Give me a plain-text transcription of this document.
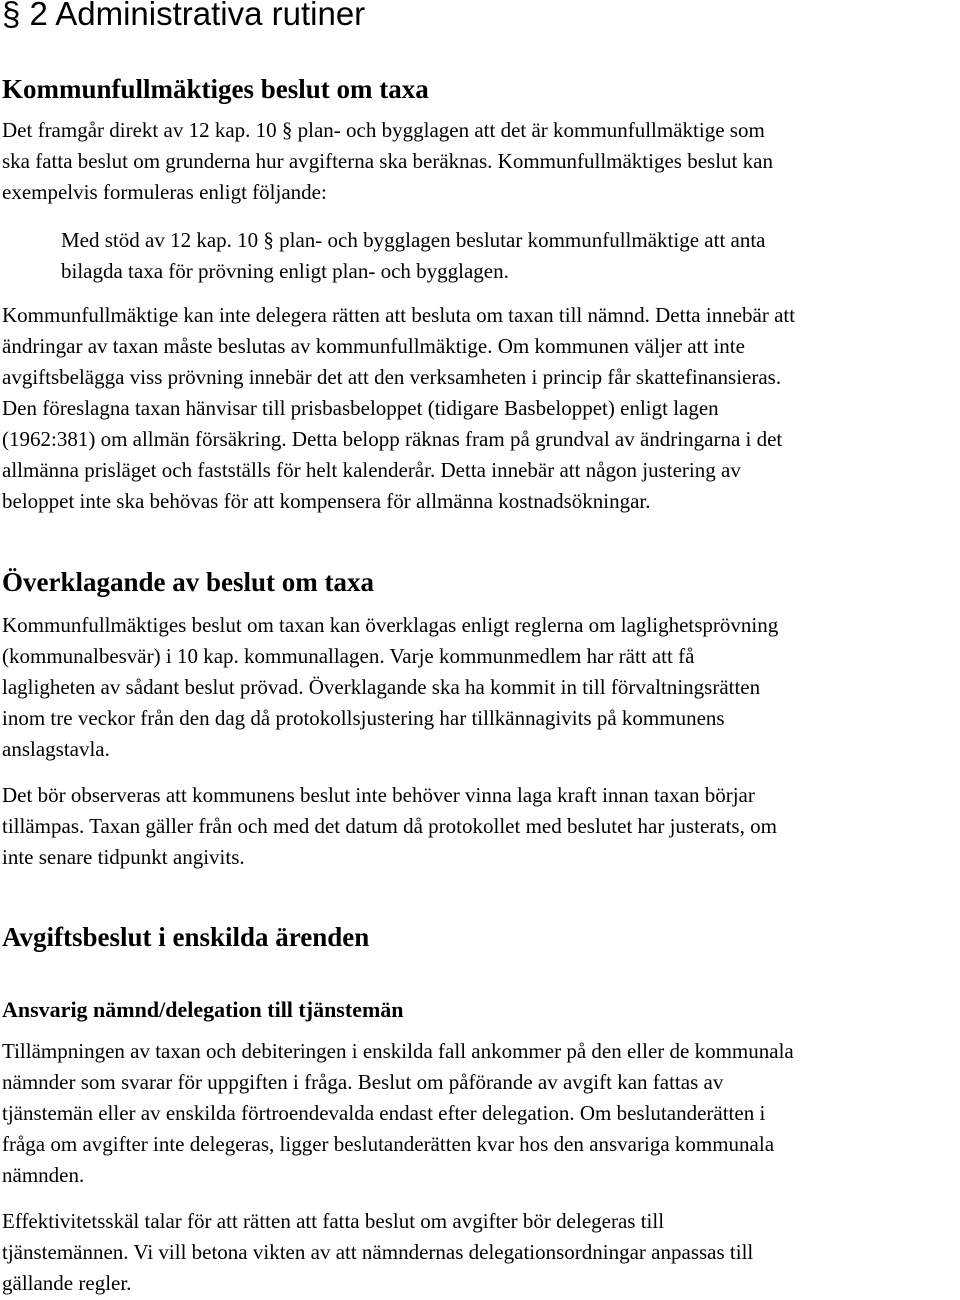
§ 2 Administrativa rutiner
Kommunfullmäktiges beslut om taxa

Det framgår direkt av 12 kap. 10 § plan- och bygglagen att det är kommunfullmäktige som
ska fatta beslut om grunderna hur avgifterna ska beräknas. Kommunfullmäktiges beslut kan
exempelvis formuleras enligt följande:

Med stöd av 12 kap. 10 § plan- och bygglagen beslutar kommunfullmäktige att anta
bilagda taxa för prövning enligt plan- och bygglagen.

Kommunfullmäktige kan inte delegera rätten att besluta om taxan till nämnd. Detta innebär att
ändringar av taxan måste beslutas av kommunfullmäktige. Om kommunen väljer att inte
avgiftsbelägga viss prövning innebär det att den verksamheten i princip får skattefinansieras.
Den föreslagna taxan hänvisar till prisbasbeloppet (tidigare Basbeloppet) enligt lagen
(1962:381) om allmän försäkring. Detta belopp räknas fram på grundval av ändringarna i det
allmänna prisläget och fastställs för helt kalenderår. Detta innebär att någon justering av
beloppet inte ska behövas för att kompensera för allmänna kostnadsökningar.

Överklagande av beslut om taxa

Kommunfullmäktiges beslut om taxan kan överklagas enligt reglerna om laglighetsprövning
(kommunalbesvär) i 10 kap. kommunallagen. Varje kommunmedlem har rätt att få
lagligheten av sådant beslut prövad. Överklagande ska ha kommit in till förvaltningsrätten
inom tre veckor från den dag då protokollsjustering har tillkännagivits på kommunens
anslagstavla.

Det bör observeras att kommunens beslut inte behöver vinna laga kraft innan taxan börjar
tillämpas. Taxan gäller från och med det datum då protokollet med beslutet har justerats, om
inte senare tidpunkt angivits.

Avgiftsbeslut i enskilda ärenden
Ansvarig nämnd/delegation till tjänstemän

Tillämpningen av taxan och debiteringen i enskilda fall ankommer på den eller de kommunala
nämnder som svarar för uppgiften i fråga. Beslut om påförande av avgift kan fattas av
tjänstemän eller av enskilda förtroendevalda endast efter delegation. Om beslutanderätten i
fråga om avgifter inte delegeras, ligger beslutanderätten kvar hos den ansvariga kommunala
nämnden.

Effektivitetsskäl talar för att rätten att fatta beslut om avgifter bör delegeras till
tjänstemännen. Vi vill betona vikten av att nämndernas delegationsordningar anpassas till
gällande regler.
